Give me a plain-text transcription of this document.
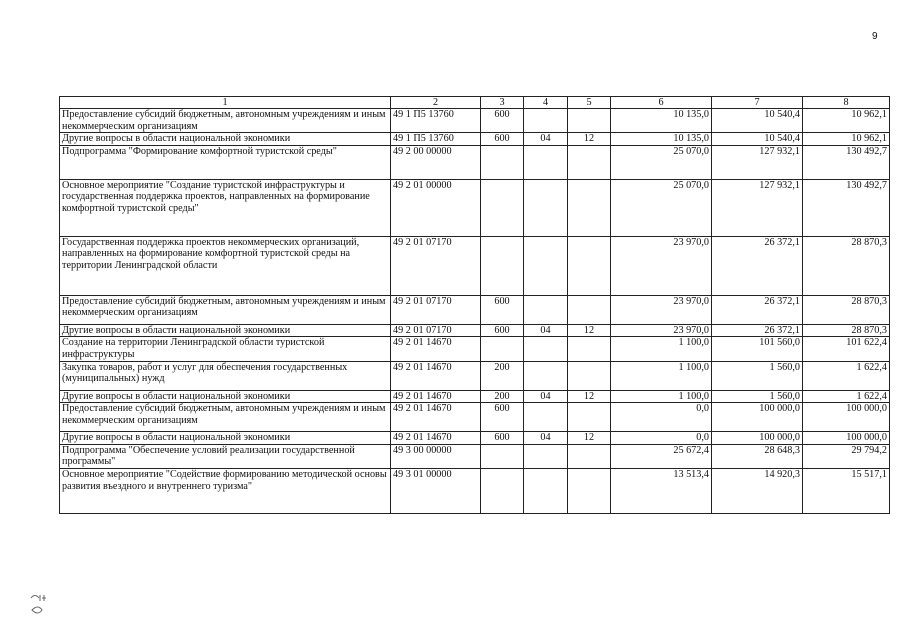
9
1	2	3	4	5	6	7	8
Предоставление субсидий бюджетным, автономным учреждениям и иным некоммерческим организациям	49 1 П5 13760	600			10 135,0	10 540,4	10 962,1
Другие вопросы в области национальной экономики	49 1 П5 13760	600	04	12	10 135,0	10 540,4	10 962,1
Подпрограмма "Формирование комфортной туристской среды"	49 2 00 00000				25 070,0	127 932,1	130 492,7
Основное мероприятие "Создание туристской инфраструктуры и государственная поддержка проектов, направленных на формирование комфортной туристской среды"	49 2 01 00000				25 070,0	127 932,1	130 492,7
Государственная поддержка проектов некоммерческих организаций, направленных на формирование комфортной туристской среды на территории Ленинградской области	49 2 01 07170				23 970,0	26 372,1	28 870,3
Предоставление субсидий бюджетным, автономным учреждениям и иным некоммерческим организациям	49 2 01 07170	600			23 970,0	26 372,1	28 870,3
Другие вопросы в области национальной экономики	49 2 01 07170	600	04	12	23 970,0	26 372,1	28 870,3
Создание на территории Ленинградской области туристской инфраструктуры	49 2 01 14670				1 100,0	101 560,0	101 622,4
Закупка товаров, работ и услуг для обеспечения государственных (муниципальных) нужд	49 2 01 14670	200			1 100,0	1 560,0	1 622,4
Другие вопросы в области национальной экономики	49 2 01 14670	200	04	12	1 100,0	1 560,0	1 622,4
Предоставление субсидий бюджетным, автономным учреждениям и иным некоммерческим организациям	49 2 01 14670	600			0,0	100 000,0	100 000,0
Другие вопросы в области национальной экономики	49 2 01 14670	600	04	12	0,0	100 000,0	100 000,0
Подпрограмма "Обеспечение условий реализации государственной программы"	49 3 00 00000				25 672,4	28 648,3	29 794,2
Основное мероприятие "Содействие формированию методической основы развития въездного и внутреннего туризма"	49 3 01 00000				13 513,4	14 920,3	15 517,1
